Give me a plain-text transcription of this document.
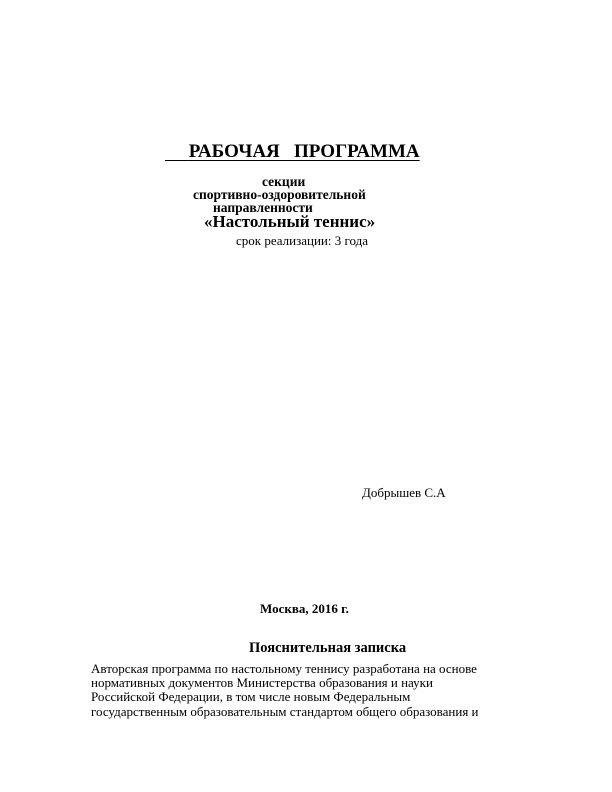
РАБОЧАЯ   ПРОГРАММА
секции
спортивно-оздоровительной
направленности
«Настольный теннис»
срок реализации: 3 года
Добрышев С.А
Москва, 2016 г.
Пояснительная записка
Авторская программа по настольному теннису разработана на основе
нормативных документов Министерства образования и науки
Российской Федерации, в том числе новым Федеральным
государственным образовательным стандартом общего образования и
